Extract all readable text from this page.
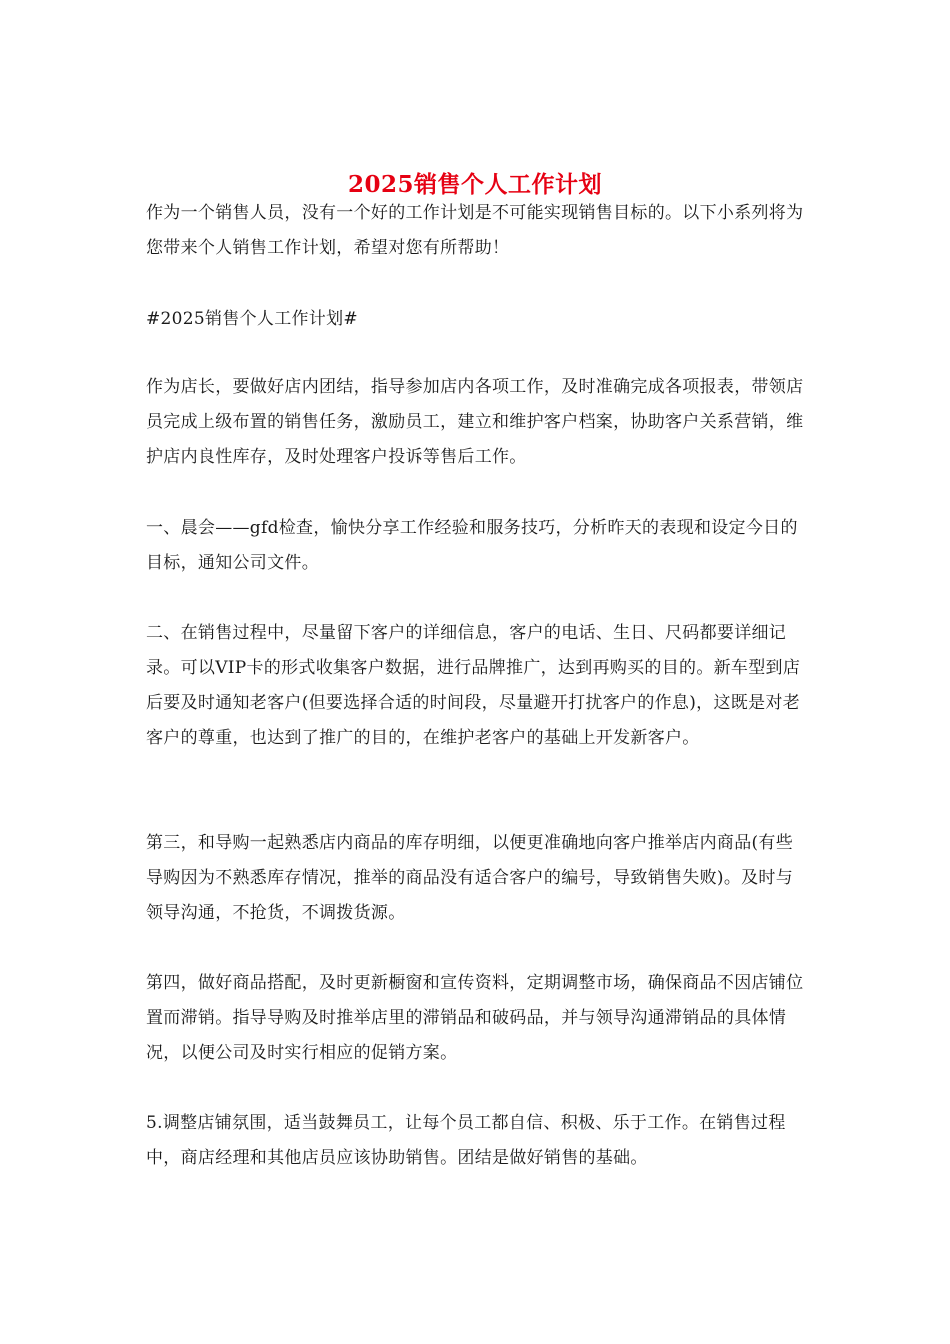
2025销售个人工作计划

作为一个销售人员，没有一个好的工作计划是不可能实现销售目标的。以下小系列将为您带来个人销售工作计划，希望对您有所帮助！

#2025销售个人工作计划#

作为店长，要做好店内团结，指导参加店内各项工作，及时准确完成各项报表，带领店员完成上级布置的销售任务，激励员工，建立和维护客户档案，协助客户关系营销，维护店内良性库存，及时处理客户投诉等售后工作。

一、晨会——gfd检查，愉快分享工作经验和服务技巧，分析昨天的表现和设定今日的目标，通知公司文件。

二、在销售过程中，尽量留下客户的详细信息，客户的电话、生日、尺码都要详细记录。可以VIP卡的形式收集客户数据，进行品牌推广，达到再购买的目的。新车型到店后要及时通知老客户(但要选择合适的时间段，尽量避开打扰客户的作息)，这既是对老客户的尊重，也达到了推广的目的，在维护老客户的基础上开发新客户。

第三，和导购一起熟悉店内商品的库存明细，以便更准确地向客户推举店内商品(有些导购因为不熟悉库存情况，推举的商品没有适合客户的编号，导致销售失败)。及时与领导沟通，不抢货，不调拨货源。

第四，做好商品搭配，及时更新橱窗和宣传资料，定期调整市场，确保商品不因店铺位置而滞销。指导导购及时推举店里的滞销品和破码品，并与领导沟通滞销品的具体情况，以便公司及时实行相应的促销方案。

5.调整店铺氛围，适当鼓舞员工，让每个员工都自信、积极、乐于工作。在销售过程中，商店经理和其他店员应该协助销售。团结是做好销售的基础。
